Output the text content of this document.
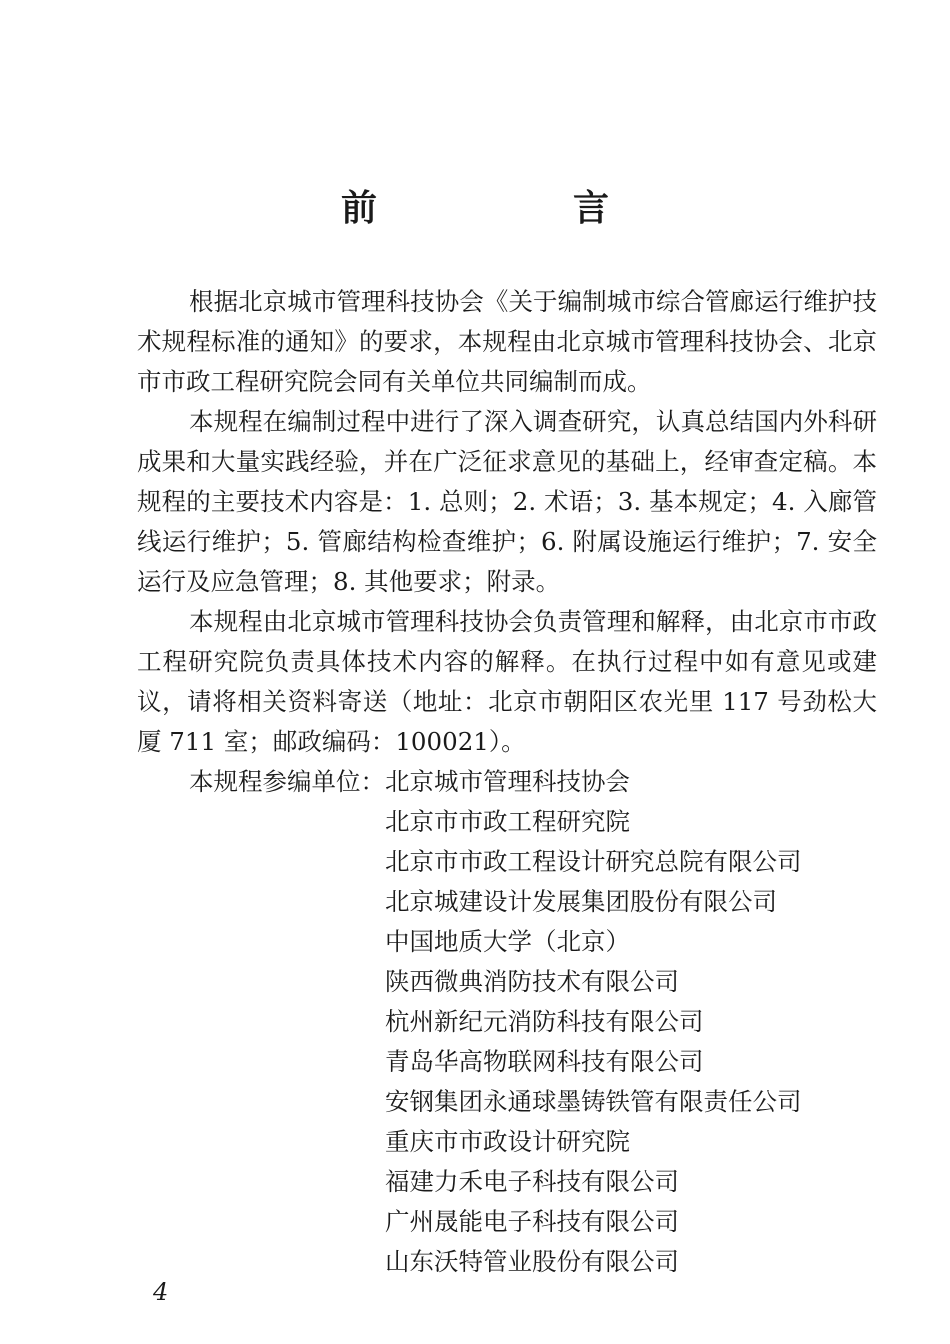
前　言

根据北京城市管理科技协会《关于编制城市综合管廊运行维护技术规程标准的通知》的要求，本规程由北京城市管理科技协会、北京市市政工程研究院会同有关单位共同编制而成。

本规程在编制过程中进行了深入调查研究，认真总结国内外科研成果和大量实践经验，并在广泛征求意见的基础上，经审查定稿。本规程的主要技术内容是：1. 总则；2. 术语；3. 基本规定；4. 入廊管线运行维护；5. 管廊结构检查维护；6. 附属设施运行维护；7. 安全运行及应急管理；8. 其他要求；附录。

本规程由北京城市管理科技协会负责管理和解释，由北京市市政工程研究院负责具体技术内容的解释。在执行过程中如有意见或建议，请将相关资料寄送（地址：北京市朝阳区农光里 117 号劲松大厦 711 室；邮政编码：100021）。

本规程参编单位： 北京城市管理科技协会
北京市市政工程研究院
北京市市政工程设计研究总院有限公司
北京城建设计发展集团股份有限公司
中国地质大学（北京）
陕西微典消防技术有限公司
杭州新纪元消防科技有限公司
青岛华高物联网科技有限公司
安钢集团永通球墨铸铁管有限责任公司
重庆市市政设计研究院
福建力禾电子科技有限公司
广州晟能电子科技有限公司
山东沃特管业股份有限公司
4
